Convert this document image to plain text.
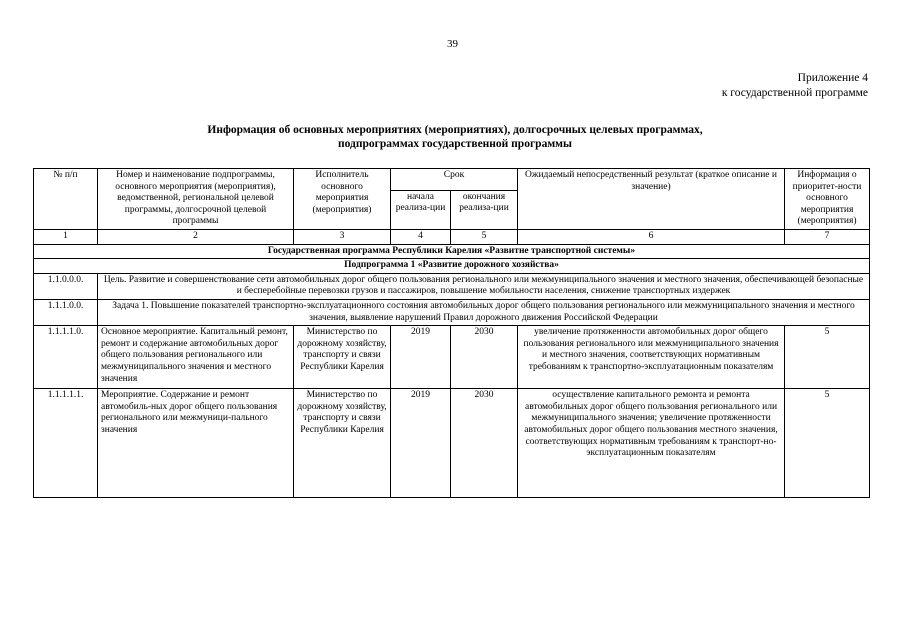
39
Приложение 4
к государственной программе
Информация об основных мероприятиях (мероприятиях), долгосрочных целевых программах,
подпрограммах государственной программы
№ п/п	Номер и наименование подпрограммы, основного мероприятия (мероприятия), ведомственной, региональной целевой программы, долгосрочной целевой программы	Исполнитель основного мероприятия (мероприятия)	Срок		Ожидаемый непосредственный результат (краткое описание и значение)	Информация о приоритет-ности основного мероприятия (мероприятия)
			начала реализа-ции	окончания реализа-ции		
1	2	3	4	5	6	7
Государственная программа Республики Карелия «Развитне транспортной системы»						
Подпрограмма 1 «Развитие дорожного хозяйства»						
1.1.0.0.0.	Цель. Развитие и совершенствование сети автомобильных дорог общего пользования регионального или межмуниципального значения и местного значения, обеспечивающей безопасные и бесперебойные перевозки грузов и пассажиров, повышение мобильности населения, снижение транспортных издержек					
1.1.1.0.0.	Задача 1. Повышение показателей транспортно-эксплуатационного состояния автомобильных дорог общего пользования регионального или межмуниципального значения и местного значения, выявление нарушений Правил дорожного движения Российской Федерации					
1.1.1.1.0.	Основное мероприятие. Капитальный ремонт, ремонт и содержание автомобильных дорог общего пользования регионального или межмуниципального значения и местного значения	Министерство по дорожному хозяйству, транспорту и связи Республики Карелия	2019	2030	увеличение протяженности автомобильных дорог общего пользования регионального или межмуниципального значения и местного значения, соответствующих нормативным требованиям к транспортно-эксплуатационным показателям	5
1.1.1.1.1.	Мероприятие. Содержание и ремонт автомобиль-ных дорог общего пользования регионального или межмуници-пального значения	Министерство по дорожному хозяйству, транспорту и связи Республики Карелия	2019	2030	осуществление капитального ремонта и ремонта автомобильных дорог общего пользования регионального или межмуниципального значения; увеличение протяженности автомобильных дорог общего пользования местного значения, соответствующих нормативным требованиям к транспорт-но-эксплуатационным показателям	5
